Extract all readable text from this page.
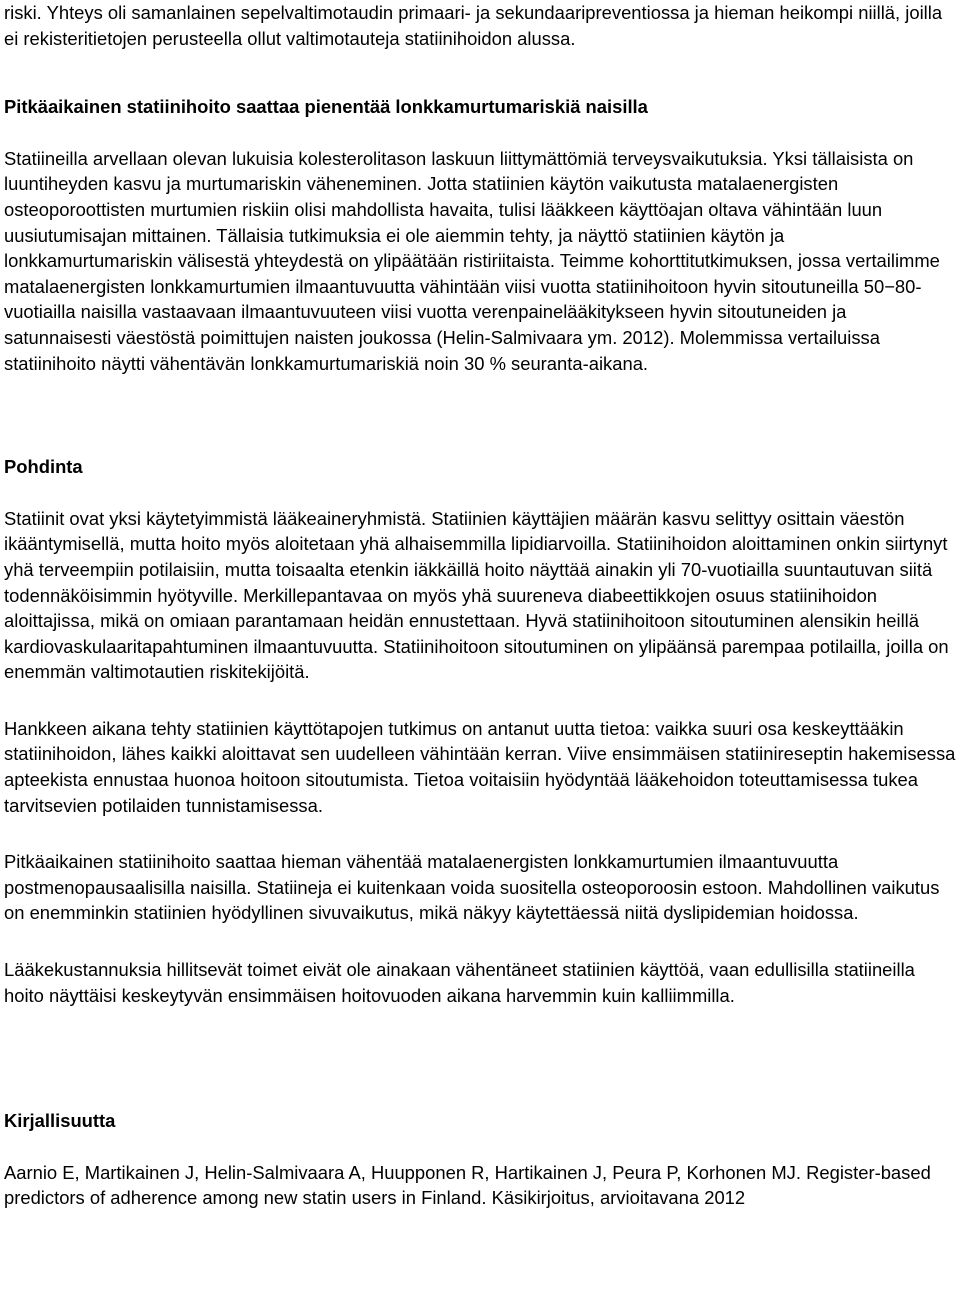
riski. Yhteys oli samanlainen sepelvaltimotaudin primaari- ja sekundaaripreventiossa ja hieman heikompi niillä, joilla ei rekisteritietojen perusteella ollut valtimotauteja statiinihoidon alussa.

Pitkäaikainen statiinihoito saattaa pienentää lonkkamurtumariskiä naisilla

Statiineilla arvellaan olevan lukuisia kolesterolitason laskuun liittymättömiä terveysvaikutuksia. Yksi tällaisista on luuntiheyden kasvu ja murtumariskin väheneminen. Jotta statiinien käytön vaikutusta matalaenergisten osteoporoottisten murtumien riskiin olisi mahdollista havaita, tulisi lääkkeen käyttöajan oltava vähintään luun uusiutumisajan mittainen. Tällaisia tutkimuksia ei ole aiemmin tehty, ja näyttö statiinien käytön ja lonkkamurtumariskin välisestä yhteydestä on ylipäätään ristiriitaista. Teimme kohorttitutkimuksen, jossa vertailimme matalaenergisten lonkkamurtumien ilmaantuvuutta vähintään viisi vuotta statiinihoitoon hyvin sitoutuneilla 50−80-vuotiailla naisilla vastaavaan ilmaantuvuuteen viisi vuotta verenpainelääkitykseen hyvin sitoutuneiden ja satunnaisesti väestöstä poimittujen naisten joukossa (Helin-Salmivaara ym. 2012). Molemmissa vertailuissa statiinihoito näytti vähentävän lonkkamurtumariskiä noin 30 % seuranta-aikana.

Pohdinta

Statiinit ovat yksi käytetyimmistä lääkeaineryhmistä. Statiinien käyttäjien määrän kasvu selittyy osittain väestön ikääntymisellä, mutta hoito myös aloitetaan yhä alhaisemmilla lipidiarvoilla. Statiinihoidon aloittaminen onkin siirtynyt yhä terveempiin potilaisiin, mutta toisaalta etenkin iäkkäillä hoito näyttää ainakin yli 70-vuotiailla suuntautuvan siitä todennäköisimmin hyötyville. Merkillepantavaa on myös yhä suureneva diabeettikkojen osuus statiinihoidon aloittajissa, mikä on omiaan parantamaan heidän ennustettaan. Hyvä statiinihoitoon sitoutuminen alensikin heillä kardiovaskulaaritapahtuminen ilmaantuvuutta. Statiinihoitoon sitoutuminen on ylipäänsä parempaa potilailla, joilla on enemmän valtimotautien riskitekijöitä.

Hankkeen aikana tehty statiinien käyttötapojen tutkimus on antanut uutta tietoa: vaikka suuri osa keskeyttääkin statiinihoidon, lähes kaikki aloittavat sen uudelleen vähintään kerran. Viive ensimmäisen statiinireseptin hakemisessa apteekista ennustaa huonoa hoitoon sitoutumista. Tietoa voitaisiin hyödyntää lääkehoidon toteuttamisessa tukea tarvitsevien potilaiden tunnistamisessa.

Pitkäaikainen statiinihoito saattaa hieman vähentää matalaenergisten lonkkamurtumien ilmaantuvuutta postmenopausaalisilla naisilla. Statiineja ei kuitenkaan voida suositella osteoporoosin estoon. Mahdollinen vaikutus on enemminkin statiinien hyödyllinen sivuvaikutus, mikä näkyy käytettäessä niitä dyslipidemian hoidossa.

Lääkekustannuksia hillitsevät toimet eivät ole ainakaan vähentäneet statiinien käyttöä, vaan edullisilla statiineilla hoito näyttäisi keskeytyvän ensimmäisen hoitovuoden aikana harvemmin kuin kalliimmilla.

Kirjallisuutta

Aarnio E, Martikainen J, Helin-Salmivaara A, Huupponen R, Hartikainen J, Peura P, Korhonen MJ. Register-based predictors of adherence among new statin users in Finland. Käsikirjoitus, arvioitavana 2012
